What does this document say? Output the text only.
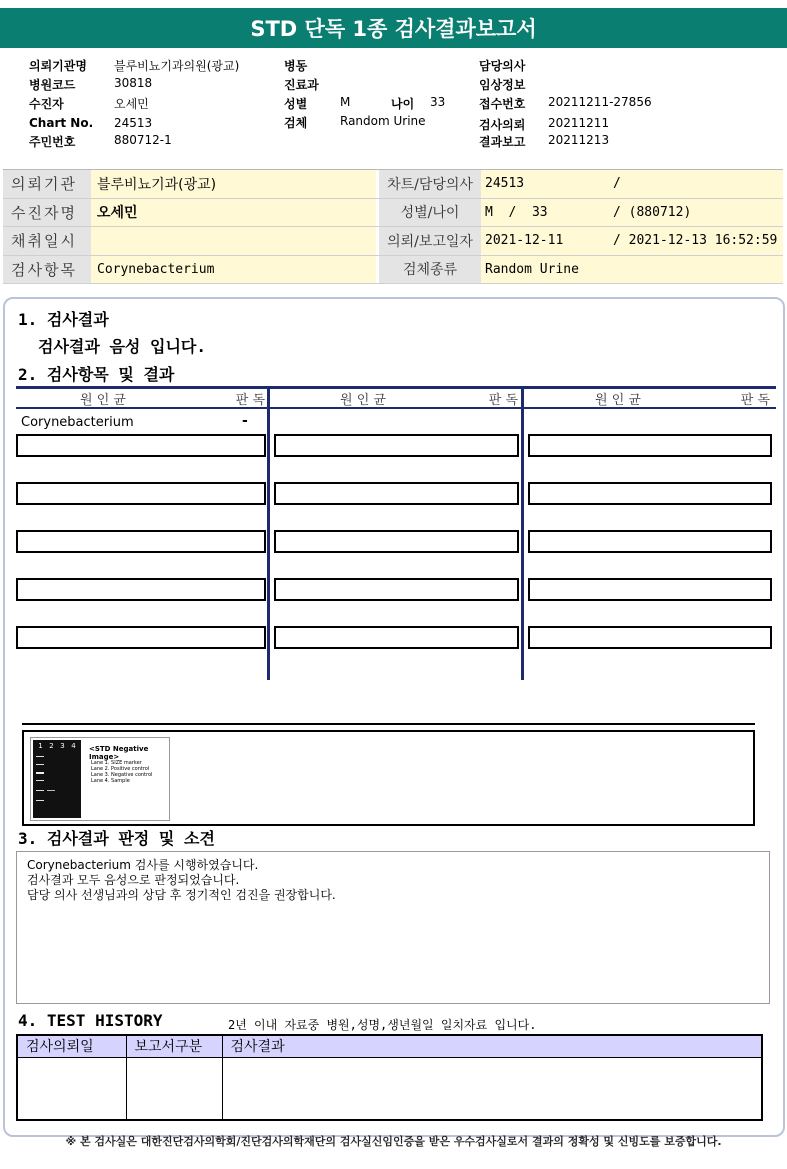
STD 단독 1종 검사결과보고서
의뢰기관명 블루비뇨기과의원(광교)
병원코드	30818
수진자	오세민
Chart No. 24513
주민번호	880712-1
병동
진료과
성별	M	나이 33
검체	Random Urine
담당의사
임상정보
접수번호 20211211-27856
검사의뢰 20211211
결과보고 20211213
의뢰기관	블루비뇨기과(광교)	차트/담당의사 24513	/
수진자명	오세민	성별/나이	M  /  33	/ (880712)
채취일시	의뢰/보고일자 2021-12-11	/ 2021-12-13 16:52:59
검사항목	Corynebacterium	검체종류	Random Urine
1. 검사결과
검사결과 음성 입니다.
2. 검사항목 및 결과
원 인 균	판 독	원 인 균	판 독	원 인 균	판 독
Corynebacterium	-
1 2 3 4 <STD Negative Image>
Lane 1. SIZE marker
Lane 2. Positive control
Lane 3. Negative control
Lane 4. Sample
3. 검사결과 판정 및 소견
Corynebacterium 검사를 시행하였습니다.
검사결과 모두 음성으로 판정되었습니다.
담당 의사 선생님과의 상담 후 정기적인 검진을 권장합니다.
4. TEST HISTORY	2년 이내 자료중 병원,성명,생년월일 일치자료 입니다.
검사의뢰일	보고서구분	검사결과

※ 본 검사실은 대한진단검사의학회/진단검사의학재단의 검사실신임인증을 받은 우수검사실로서 결과의 정확성 및 신빙도를 보증합니다.
